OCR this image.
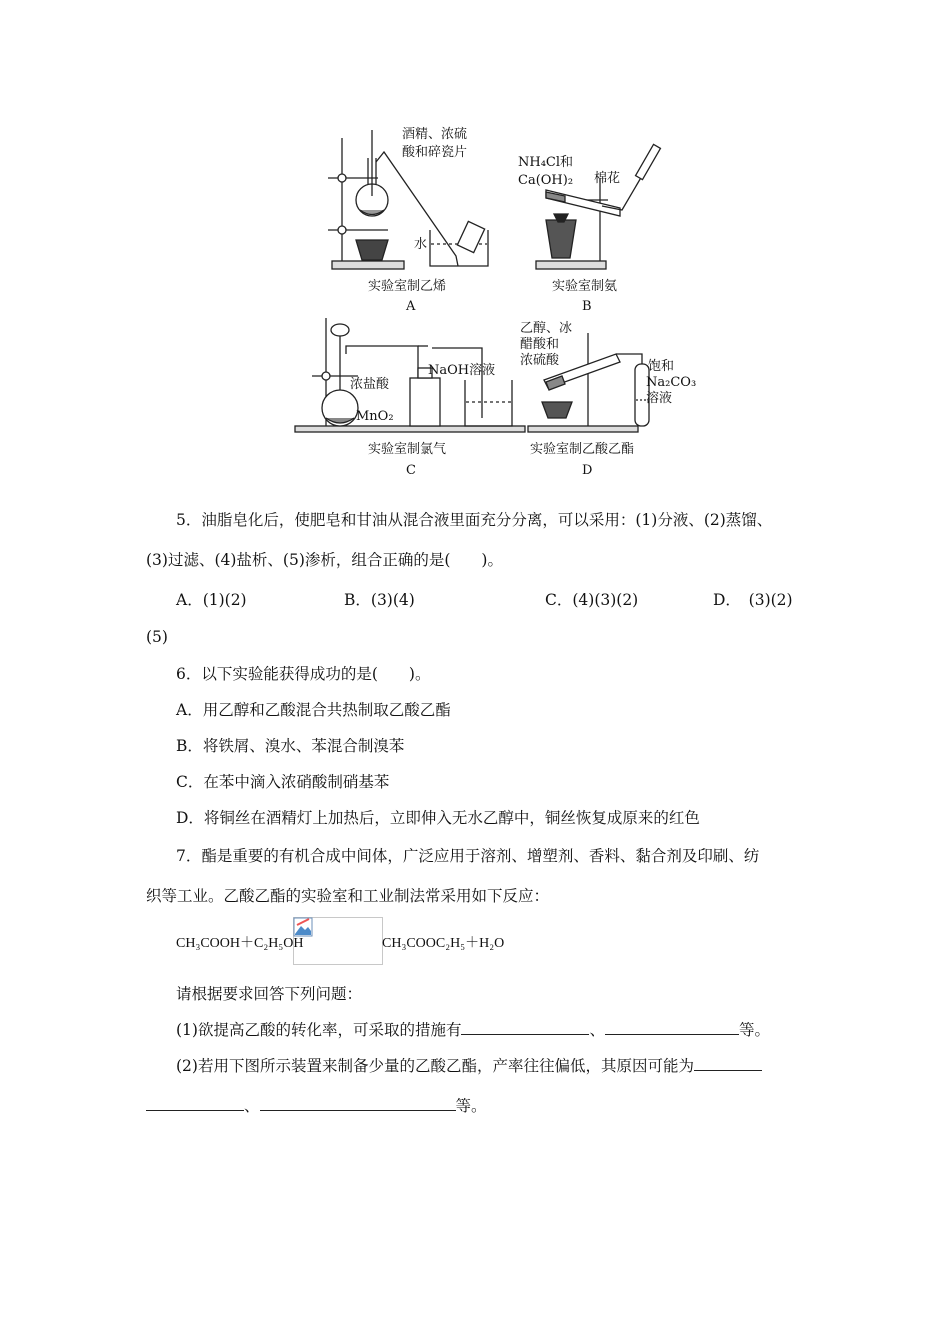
酒精、浓硫
酸和碎瓷片
水
实验室制乙烯
A
NH₄Cl和
Ca(OH)₂ 棉花
实验室制氨
B
浓盐酸
MnO₂
NaOH溶液
实验室制氯气
C
乙醇、冰
醋酸和
浓硫酸	饱和
Na₂CO₃
溶液
实验室制乙酸乙酯
D
5．油脂皂化后，使肥皂和甘油从混合液里面充分分离，可以采用：(1)分液、(2)蒸馏、
(3)过滤、(4)盐析、(5)渗析，组合正确的是(　　)。
A．(1)(2)	B．(3)(4)	C．(4)(3)(2)	D．　(3)(2)
(5)
6．以下实验能获得成功的是(　　)。
A．用乙醇和乙酸混合共热制取乙酸乙酯
B．将铁屑、溴水、苯混合制溴苯
C．在苯中滴入浓硝酸制硝基苯
D．将铜丝在酒精灯上加热后，立即伸入无水乙醇中，铜丝恢复成原来的红色
7．酯是重要的有机合成中间体，广泛应用于溶剂、增塑剂、香料、黏合剂及印刷、纺
织等工业。乙酸乙酯的实验室和工业制法常采用如下反应：
CH₃COOH＋C₂H₅OH	CH₃COOC₂H₅＋H₂O
请根据要求回答下列问题：
(1)欲提高乙酸的转化率，可采取的措施有	、	等。
(2)若用下图所示装置来制备少量的乙酸乙酯，产率往往偏低，其原因可能为
、	等。
